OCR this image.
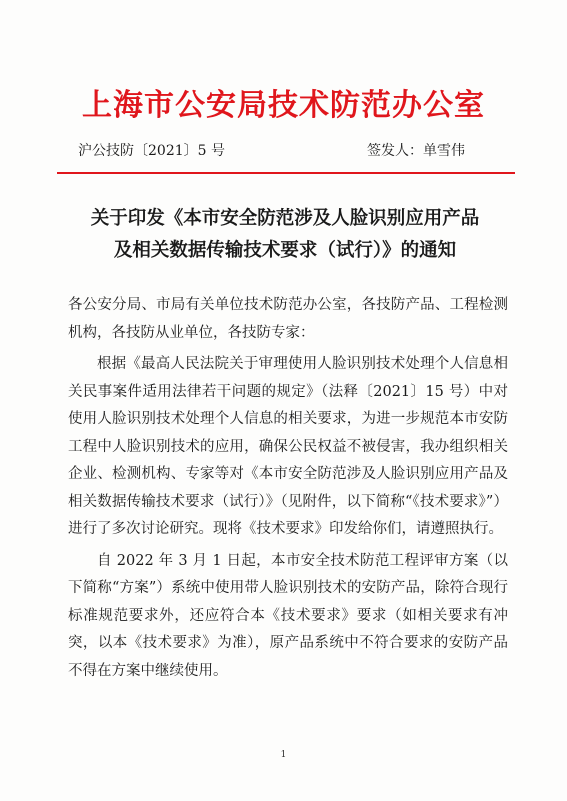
上海市公安局技术防范办公室
沪公技防〔2021〕5 号	签发人：单雪伟
关于印发《本市安全防范涉及人脸识别应用产品
及相关数据传输技术要求（试行）》的通知

各公安分局、市局有关单位技术防范办公室，各技防产品、工程检测机构，各技防从业单位，各技防专家：

根据《最高人民法院关于审理使用人脸识别技术处理个人信息相关民事案件适用法律若干问题的规定》（法释〔2021〕15 号）中对使用人脸识别技术处理个人信息的相关要求，为进一步规范本市安防工程中人脸识别技术的应用，确保公民权益不被侵害，我办组织相关企业、检测机构、专家等对《本市安全防范涉及人脸识别应用产品及相关数据传输技术要求（试行）》（见附件，以下简称“《技术要求》”）进行了多次讨论研究。现将《技术要求》印发给你们，请遵照执行。

自 2022 年 3 月 1 日起，本市安全技术防范工程评审方案（以下简称“方案”）系统中使用带人脸识别技术的安防产品，除符合现行标准规范要求外，还应符合本《技术要求》要求（如相关要求有冲突，以本《技术要求》为准），原产品系统中不符合要求的安防产品不得在方案中继续使用。

1
